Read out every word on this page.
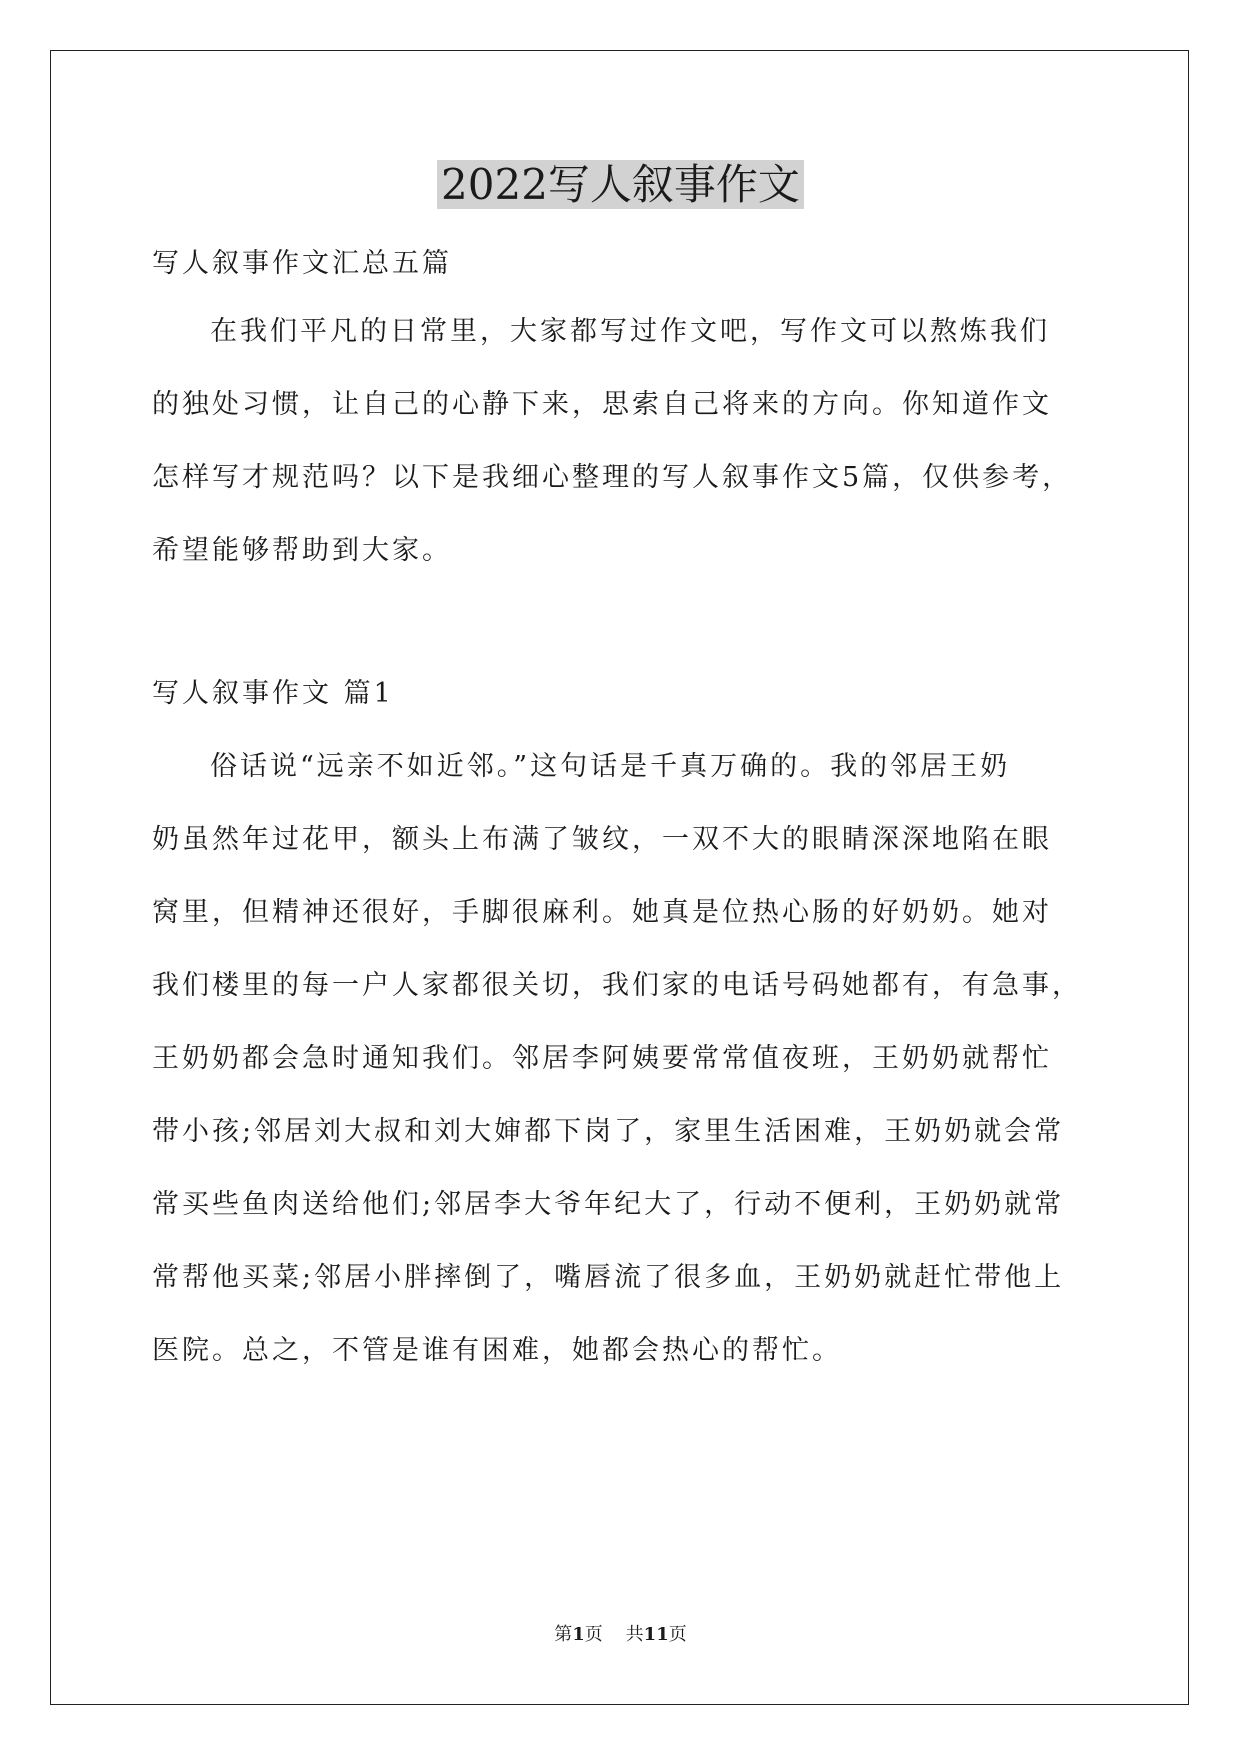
2022写人叙事作文
写人叙事作文汇总五篇
在我们平凡的日常里，大家都写过作文吧，写作文可以熬炼我们
的独处习惯，让自己的心静下来，思索自己将来的方向。你知道作文
怎样写才规范吗？以下是我细心整理的写人叙事作文5篇，仅供参考，
希望能够帮助到大家。
写人叙事作文 篇1
俗话说“远亲不如近邻。”这句话是千真万确的。我的邻居王奶
奶虽然年过花甲，额头上布满了皱纹，一双不大的眼睛深深地陷在眼
窝里，但精神还很好，手脚很麻利。她真是位热心肠的好奶奶。她对
我们楼里的每一户人家都很关切，我们家的电话号码她都有，有急事，
王奶奶都会急时通知我们。邻居李阿姨要常常值夜班，王奶奶就帮忙
带小孩;邻居刘大叔和刘大婶都下岗了，家里生活困难，王奶奶就会常
常买些鱼肉送给他们;邻居李大爷年纪大了，行动不便利，王奶奶就常
常帮他买菜;邻居小胖摔倒了，嘴唇流了很多血，王奶奶就赶忙带他上
医院。总之，不管是谁有困难，她都会热心的帮忙。
第1页    共11页
